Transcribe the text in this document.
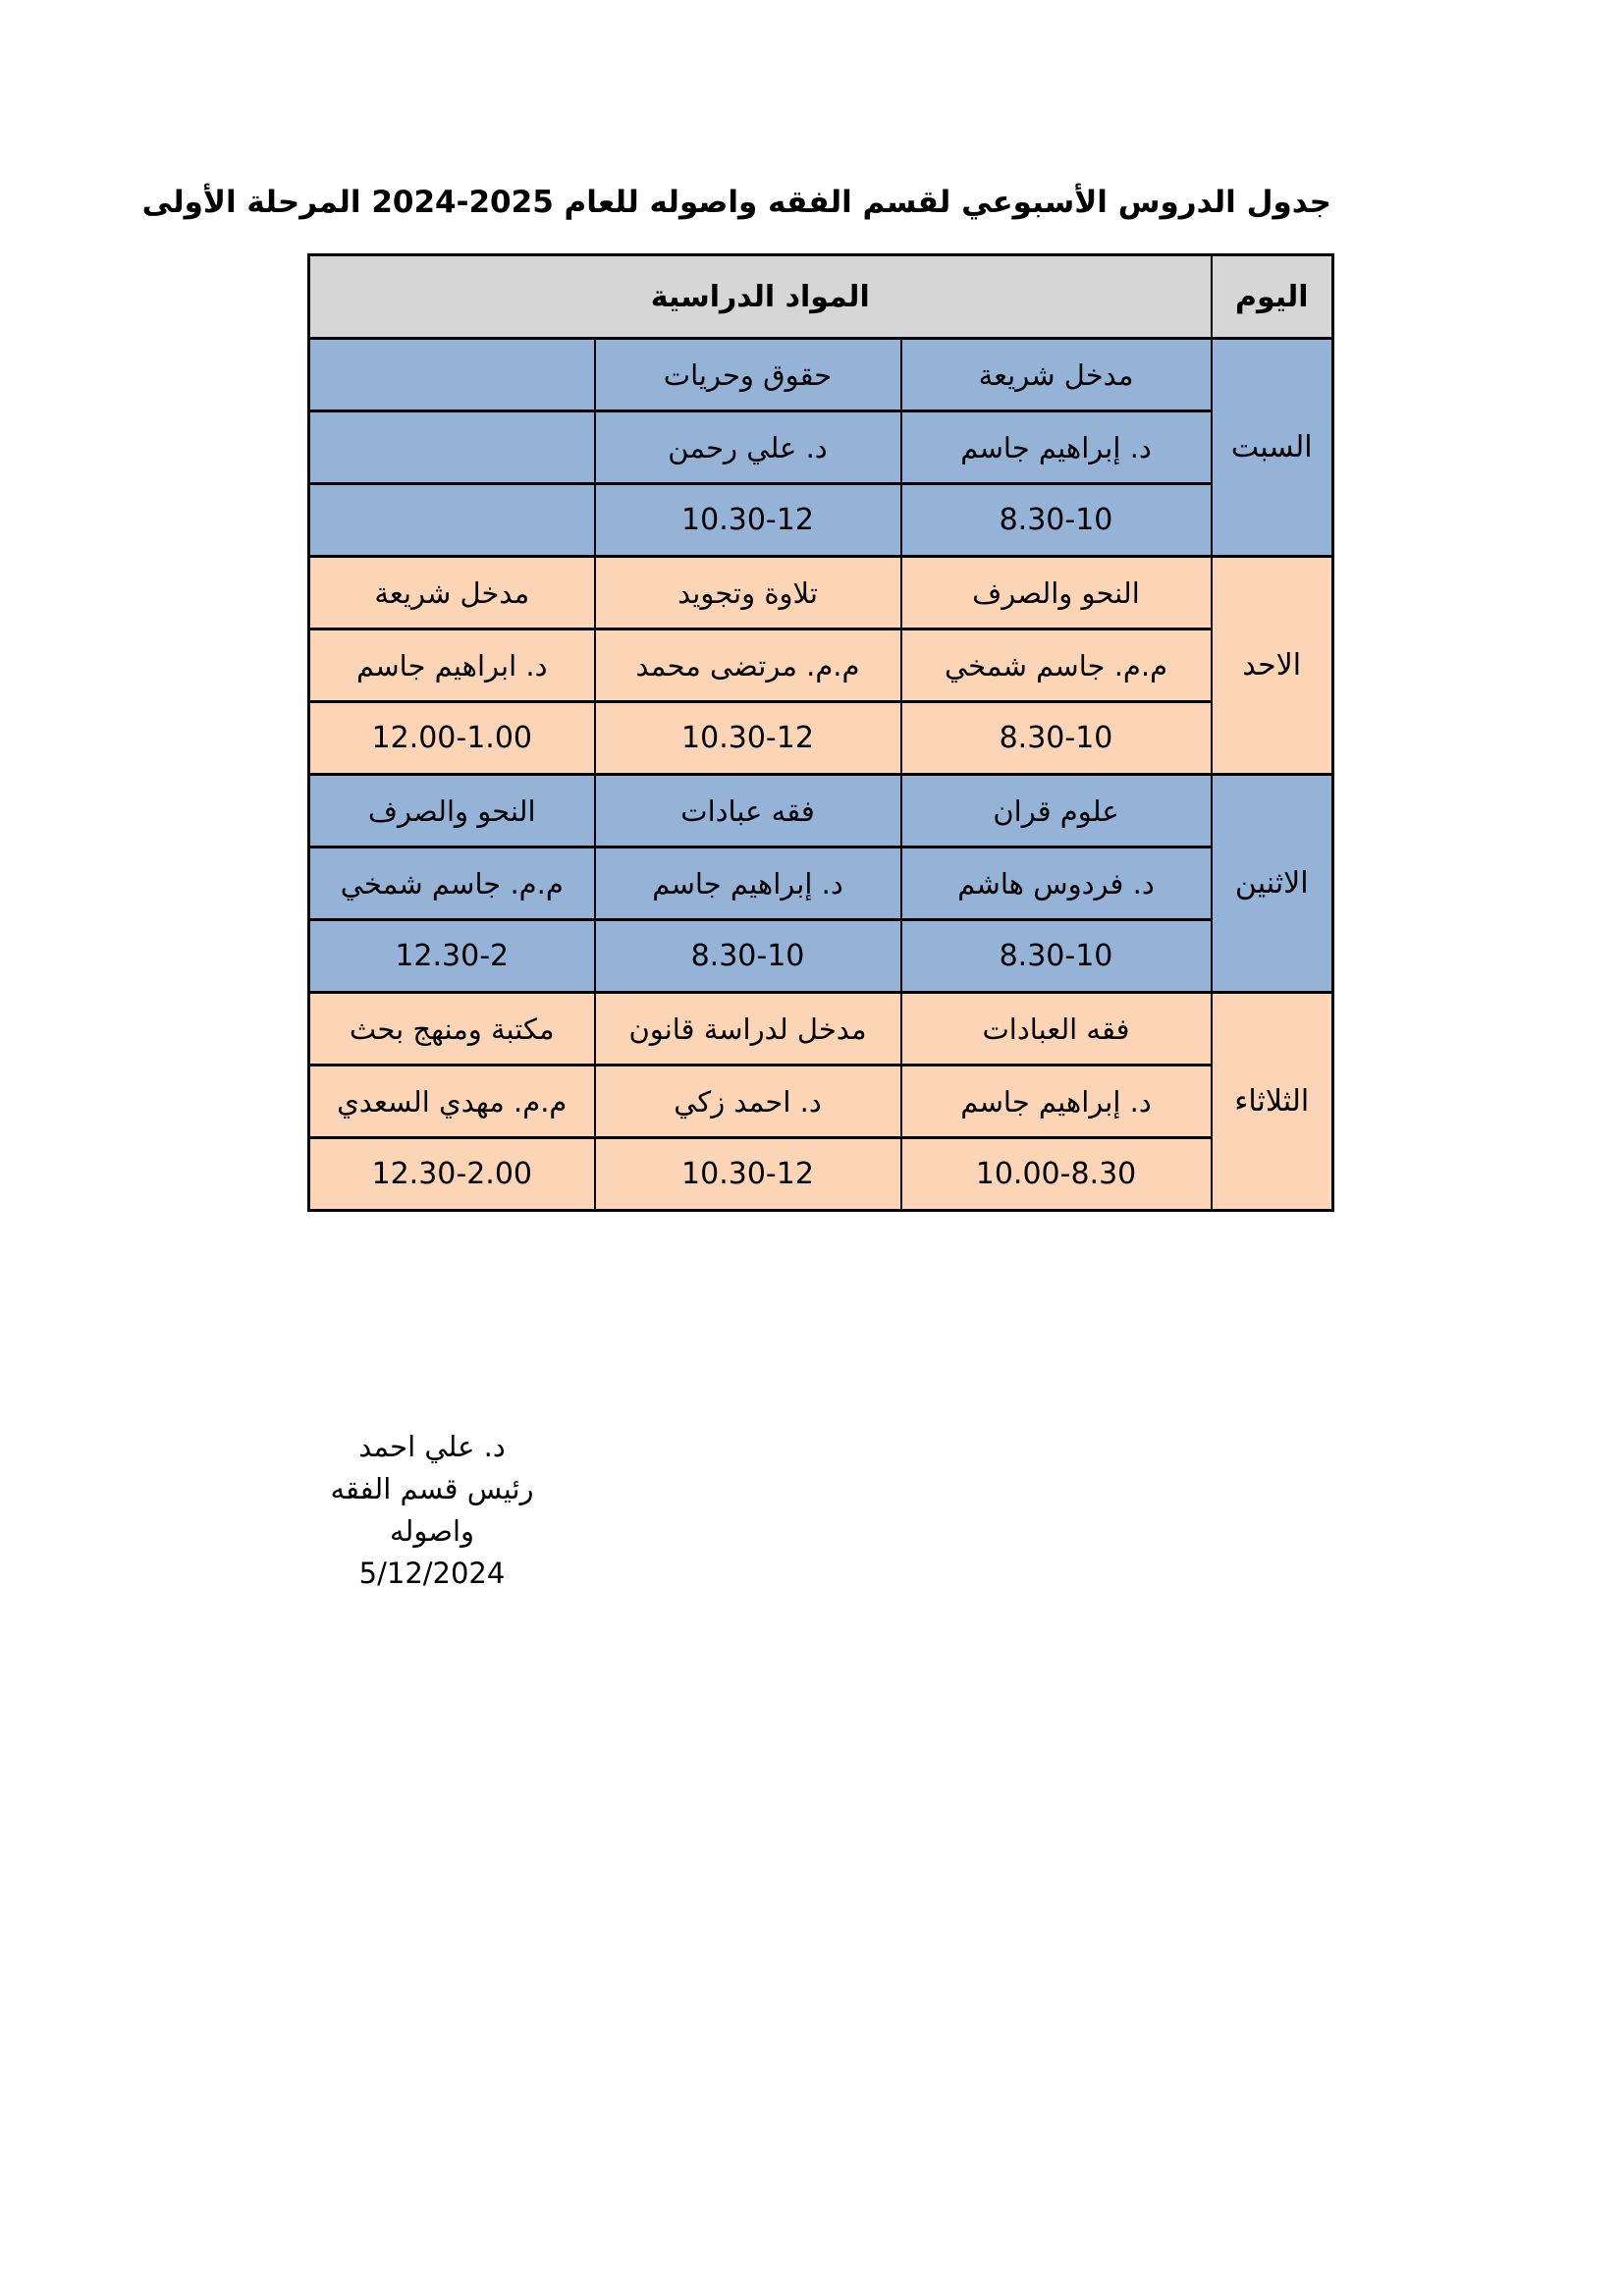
جدول الدروس الأسبوعي لقسم الفقه واصوله للعام 2025-2024 المرحلة الأولى
اليوم	المواد الدراسية		
السبت	مدخل شريعة	حقوق وحريات	
	د. إبراهيم جاسم	د. علي رحمن	
	8.30-10	10.30-12	
الاحد	النحو والصرف	تلاوة وتجويد	مدخل شريعة
	م.م. جاسم شمخي	م.م. مرتضى محمد	د. ابراهيم جاسم
	8.30-10	10.30-12	12.00-1.00
الاثنين	علوم قران	فقه عبادات	النحو والصرف
	د. فردوس هاشم	د. إبراهيم جاسم	م.م. جاسم شمخي
	8.30-10	8.30-10	12.30-2
الثلاثاء	فقه العبادات	مدخل لدراسة قانون	مكتبة ومنهج بحث
	د. إبراهيم جاسم	د. احمد زكي	م.م. مهدي السعدي
	10.00-8.30	10.30-12	12.30-2.00
د. علي احمد
رئيس قسم الفقه واصوله
5/12/2024
